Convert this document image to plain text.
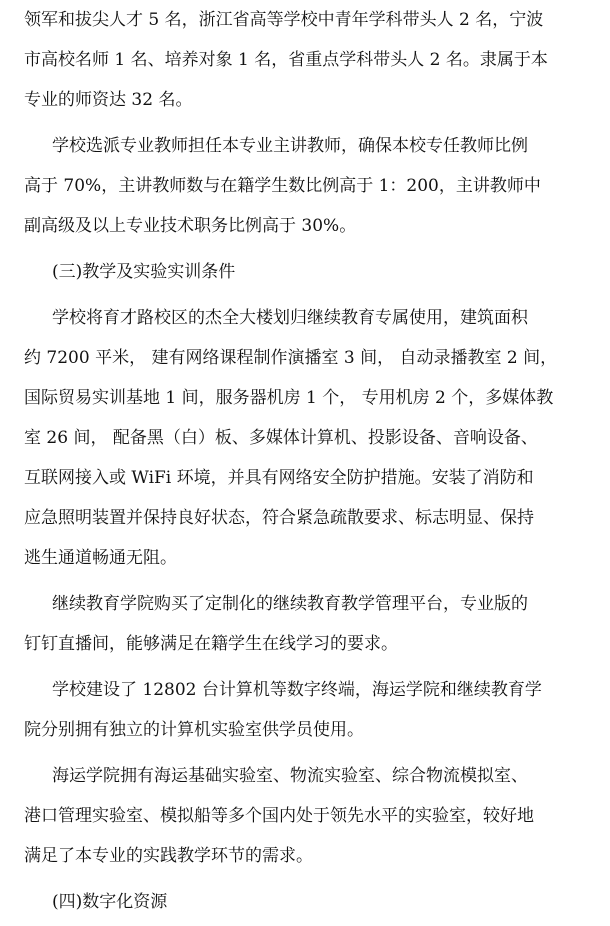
领军和拔尖人才 5 名，浙江省高等学校中青年学科带头人 2 名，宁波
市高校名师 1 名、培养对象 1 名，省重点学科带头人 2 名。隶属于本
专业的师资达 32 名。
学校选派专业教师担任本专业主讲教师，确保本校专任教师比例
高于 70%，主讲教师数与在籍学生数比例高于 1：200，主讲教师中
副高级及以上专业技术职务比例高于 30%。
(三)教学及实验实训条件
学校将育才路校区的杰全大楼划归继续教育专属使用，建筑面积
约 7200 平米， 建有网络课程制作演播室 3 间， 自动录播教室 2 间，
国际贸易实训基地 1 间，服务器机房 1 个， 专用机房 2 个，多媒体教
室 26 间， 配备黑（白）板、多媒体计算机、投影设备、音响设备、
互联网接入或 WiFi 环境，并具有网络安全防护措施。安装了消防和
应急照明装置并保持良好状态，符合紧急疏散要求、标志明显、保持
逃生通道畅通无阻。
继续教育学院购买了定制化的继续教育教学管理平台，专业版的
钉钉直播间，能够满足在籍学生在线学习的要求。
学校建设了 12802 台计算机等数字终端，海运学院和继续教育学
院分别拥有独立的计算机实验室供学员使用。
海运学院拥有海运基础实验室、物流实验室、综合物流模拟室、
港口管理实验室、模拟船等多个国内处于领先水平的实验室，较好地
满足了本专业的实践教学环节的需求。
(四)数字化资源
